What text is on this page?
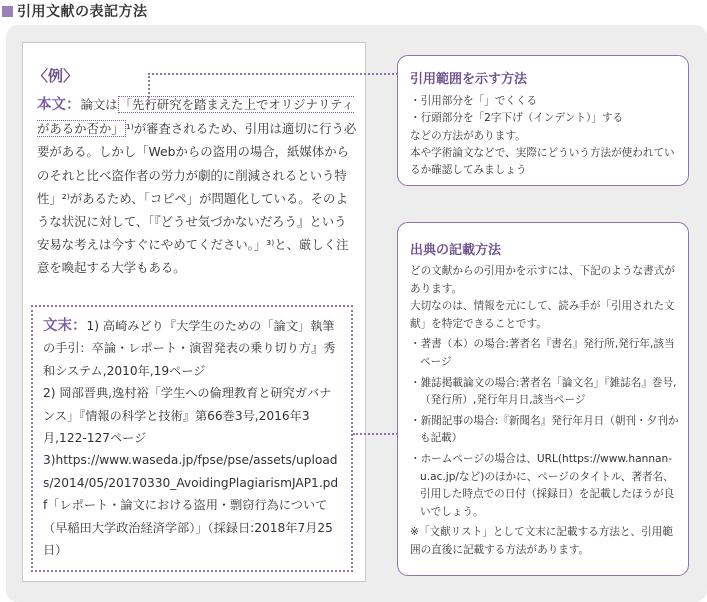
引用文献の表記方法
〈例〉
本文：論文は 「先行研究を踏まえた上でオリジナリティがあるか否か」 ¹⁾が審査されるため、引用は適切に行う必要がある。しかし「Webからの盗用の場合，紙媒体からのそれと比べ盗作者の労力が劇的に削減されるという特性」²⁾があるため、「コピペ」が問題化している。そのような状況に対して、「『どうせ気づかないだろう』という安易な考えは今すぐにやめてください。」³⁾と、厳しく注意を喚起する大学もある。
文末：1) 高崎みどり『大学生のための「論文」執筆の手引：卒論・レポート・演習発表の乗り切り方』秀和システム,2010年,19ページ
2) 岡部晋典,逸村裕「学生への倫理教育と研究ガバナンス」『情報の科学と技術』第66巻3号,2016年3月,122-127ページ
3)https://www.waseda.jp/fpse/pse/assets/uploads/2014/05/20170330_AvoidingPlagiarismJAP1.pdf「レポート・論文における盗用・剽窃行為について（早稲田大学政治経済学部）」（採録日:2018年7月25日）
引用範囲を示す方法
・引用部分を「」でくくる
・行頭部分を「2字下げ（インデント）」する
などの方法があります。
本や学術論文などで、実際にどういう方法が使われているか確認してみましょう
出典の記載方法
どの文献からの引用かを示すには、下記のような書式があります。
大切なのは、情報を元にして、読み手が「引用された文献」を特定できることです。
・著書（本）の場合:著者名『書名』発行所,発行年,該当ページ
・雑誌掲載論文の場合:著者名「論文名」『雑誌名』巻号,（発行所）,発行年月日,該当ページ
・新聞記事の場合:『新聞名』発行年月日（朝刊・夕刊かも記載）
・ホームページの場合は、URL(https://www.hannan-u.ac.jp/など)のほかに、ページのタイトル、著者名、引用した時点での日付（採録日）を記載したほうが良いでしょう。
※「文献リスト」として文末に記載する方法と、引用範囲の直後に記載する方法があります。
